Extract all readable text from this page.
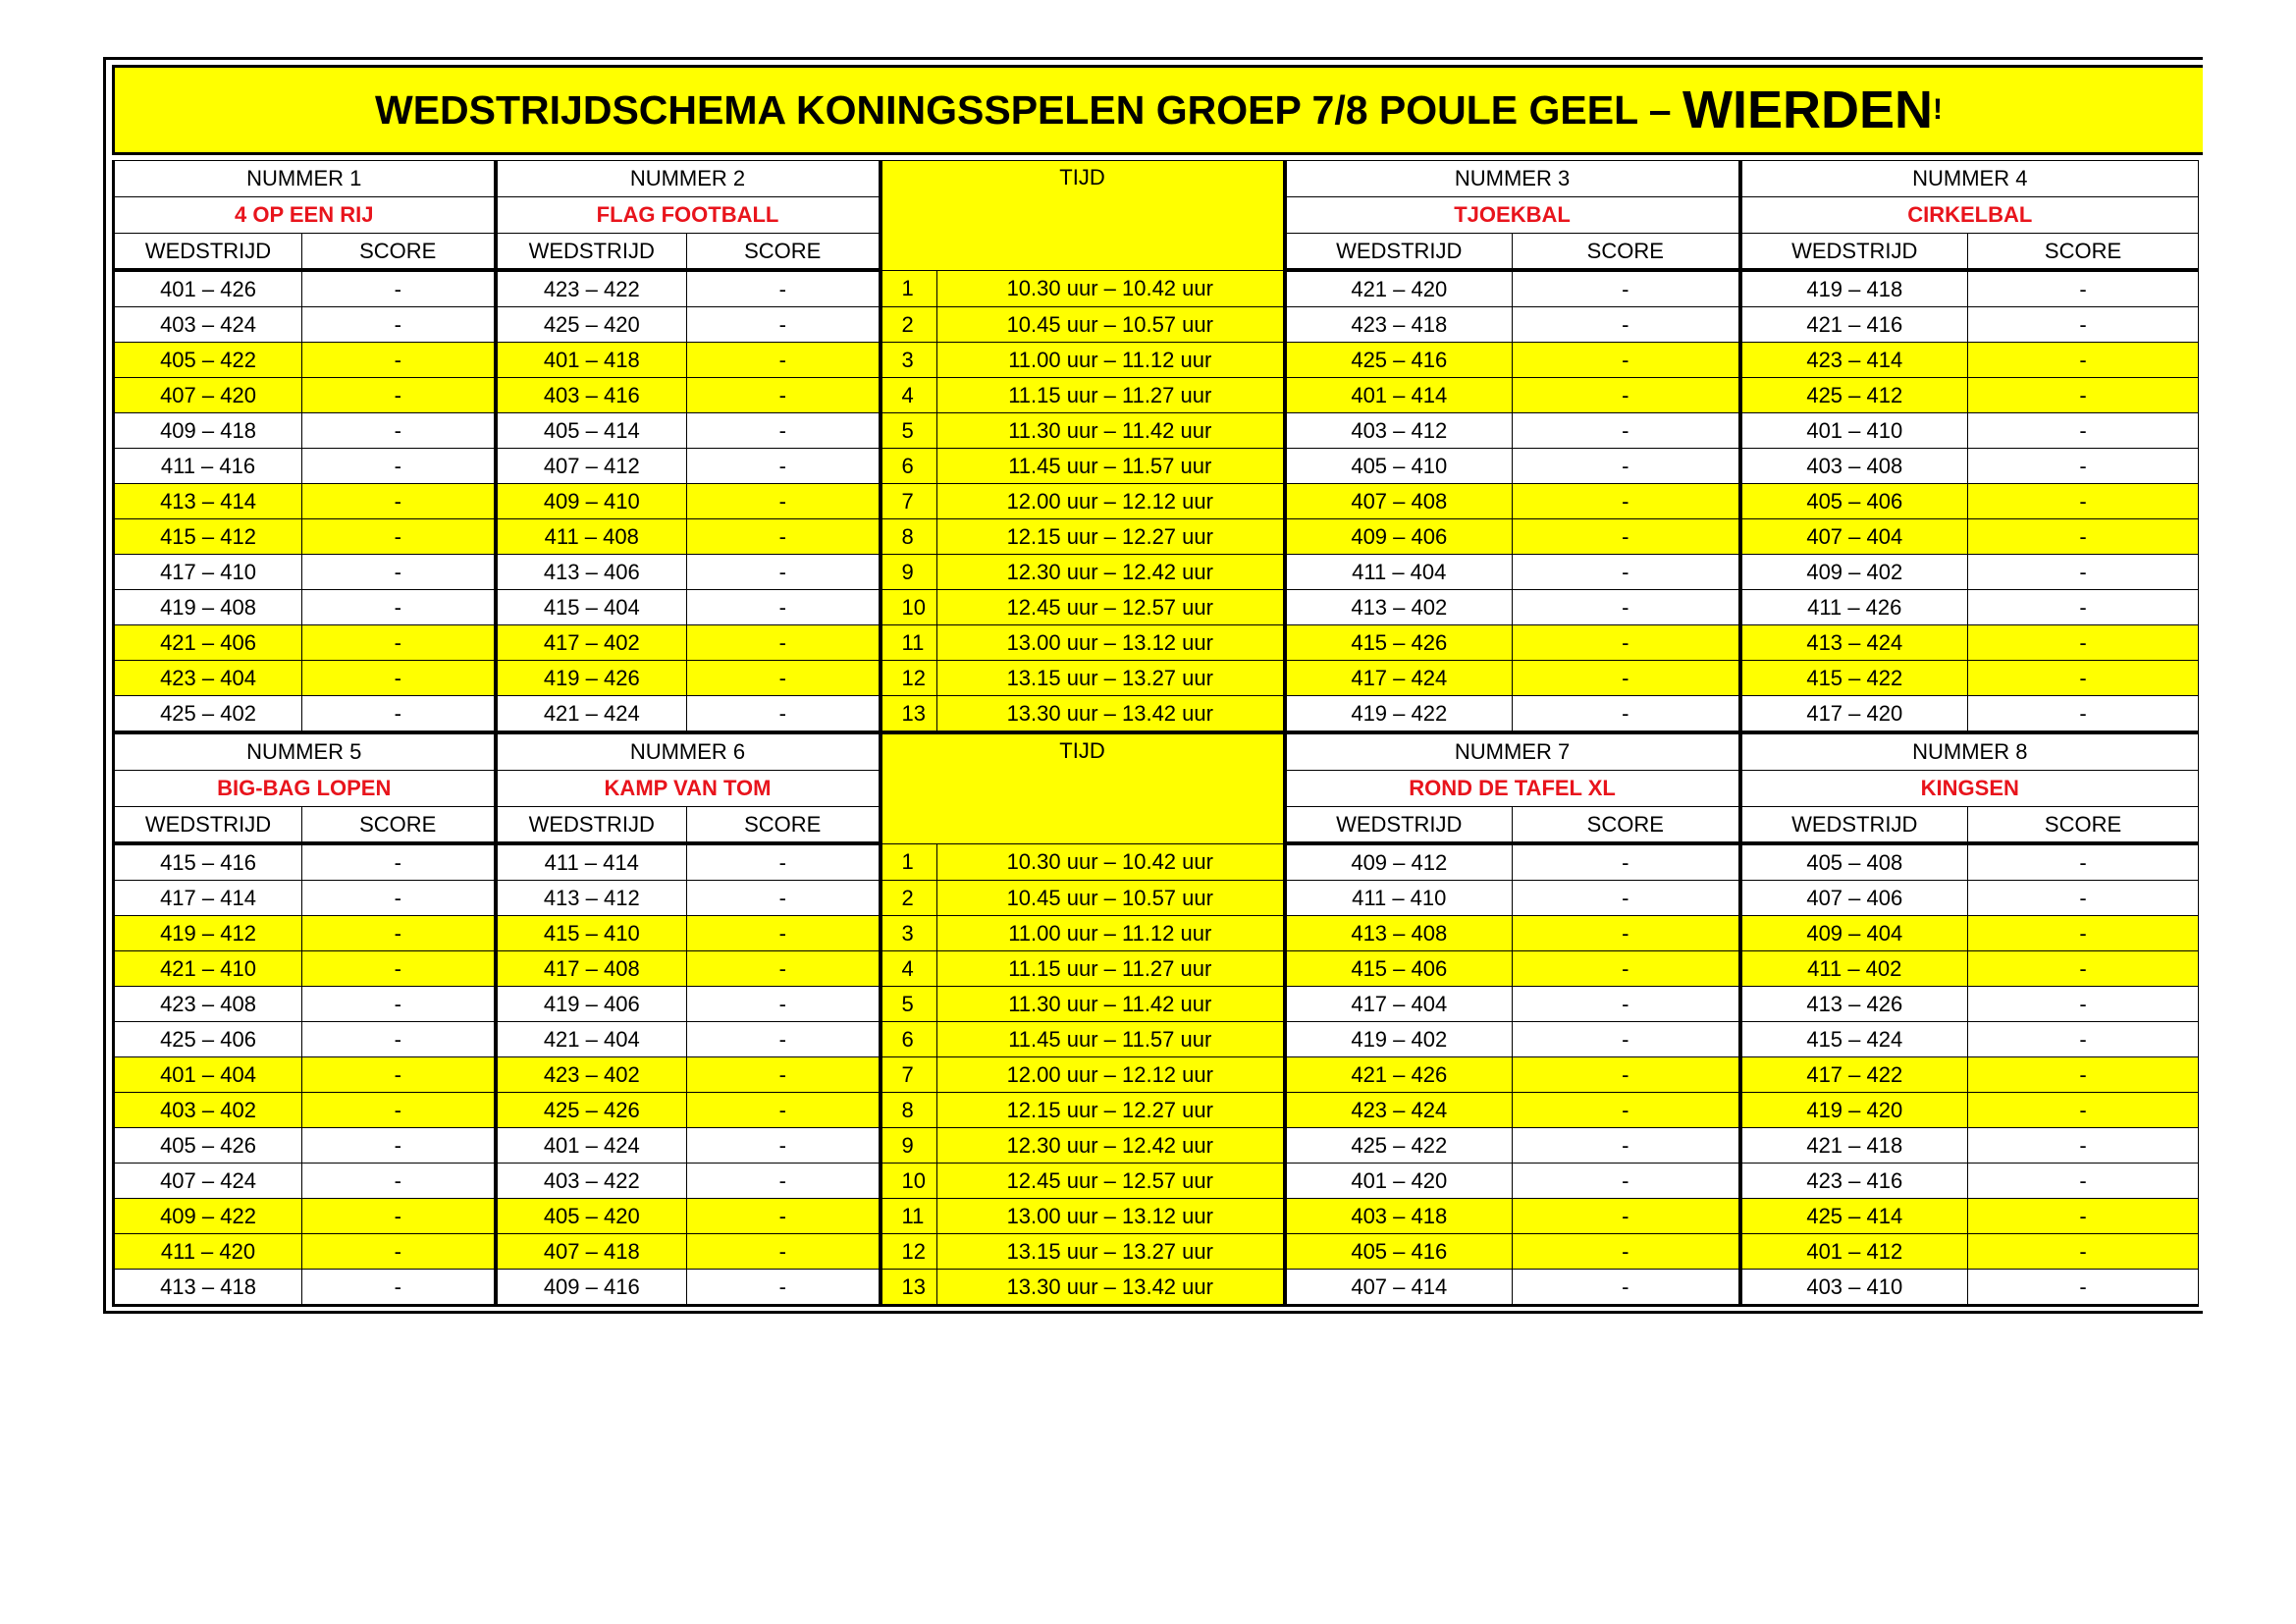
WEDSTRIJDSCHEMA KONINGSSPELEN GROEP 7/8 POULE GEEL – WIERDEN !
NUMMER 1		NUMMER 2		TIJD		NUMMER 3		NUMMER 4	
4 OP EEN RIJ		FLAG FOOTBALL				TJOEKBAL		CIRKELBAL	
WEDSTRIJD	SCORE	WEDSTRIJD	SCORE			WEDSTRIJD	SCORE	WEDSTRIJD	SCORE
401 – 426	-	423 – 422	-	1	10.30 uur – 10.42 uur	421 – 420	-	419 – 418	-
403 – 424	-	425 – 420	-	2	10.45 uur – 10.57 uur	423 – 418	-	421 – 416	-
405 – 422	-	401 – 418	-	3	11.00 uur – 11.12 uur	425 – 416	-	423 – 414	-
407 – 420	-	403 – 416	-	4	11.15 uur – 11.27 uur	401 – 414	-	425 – 412	-
409 – 418	-	405 – 414	-	5	11.30 uur – 11.42 uur	403 – 412	-	401 – 410	-
411 – 416	-	407 – 412	-	6	11.45 uur – 11.57 uur	405 – 410	-	403 – 408	-
413 – 414	-	409 – 410	-	7	12.00 uur – 12.12 uur	407 – 408	-	405 – 406	-
415 – 412	-	411 – 408	-	8	12.15 uur – 12.27 uur	409 – 406	-	407 – 404	-
417 – 410	-	413 – 406	-	9	12.30 uur – 12.42 uur	411 – 404	-	409 – 402	-
419 – 408	-	415 – 404	-	10	12.45 uur – 12.57 uur	413 – 402	-	411 – 426	-
421 – 406	-	417 – 402	-	11	13.00 uur – 13.12 uur	415 – 426	-	413 – 424	-
423 – 404	-	419 – 426	-	12	13.15 uur – 13.27 uur	417 – 424	-	415 – 422	-
425 – 402	-	421 – 424	-	13	13.30 uur – 13.42 uur	419 – 422	-	417 – 420	-
NUMMER 5		NUMMER 6		TIJD		NUMMER 7		NUMMER 8	
BIG-BAG LOPEN		KAMP VAN TOM				ROND DE TAFEL XL		KINGSEN	
WEDSTRIJD	SCORE	WEDSTRIJD	SCORE			WEDSTRIJD	SCORE	WEDSTRIJD	SCORE
415 – 416	-	411 – 414	-	1	10.30 uur – 10.42 uur	409 – 412	-	405 – 408	-
417 – 414	-	413 – 412	-	2	10.45 uur – 10.57 uur	411 – 410	-	407 – 406	-
419 – 412	-	415 – 410	-	3	11.00 uur – 11.12 uur	413 – 408	-	409 – 404	-
421 – 410	-	417 – 408	-	4	11.15 uur – 11.27 uur	415 – 406	-	411 – 402	-
423 – 408	-	419 – 406	-	5	11.30 uur – 11.42 uur	417 – 404	-	413 – 426	-
425 – 406	-	421 – 404	-	6	11.45 uur – 11.57 uur	419 – 402	-	415 – 424	-
401 – 404	-	423 – 402	-	7	12.00 uur – 12.12 uur	421 – 426	-	417 – 422	-
403 – 402	-	425 – 426	-	8	12.15 uur – 12.27 uur	423 – 424	-	419 – 420	-
405 – 426	-	401 – 424	-	9	12.30 uur – 12.42 uur	425 – 422	-	421 – 418	-
407 – 424	-	403 – 422	-	10	12.45 uur – 12.57 uur	401 – 420	-	423 – 416	-
409 – 422	-	405 – 420	-	11	13.00 uur – 13.12 uur	403 – 418	-	425 – 414	-
411 – 420	-	407 – 418	-	12	13.15 uur – 13.27 uur	405 – 416	-	401 – 412	-
413 – 418	-	409 – 416	-	13	13.30 uur – 13.42 uur	407 – 414	-	403 – 410	-
